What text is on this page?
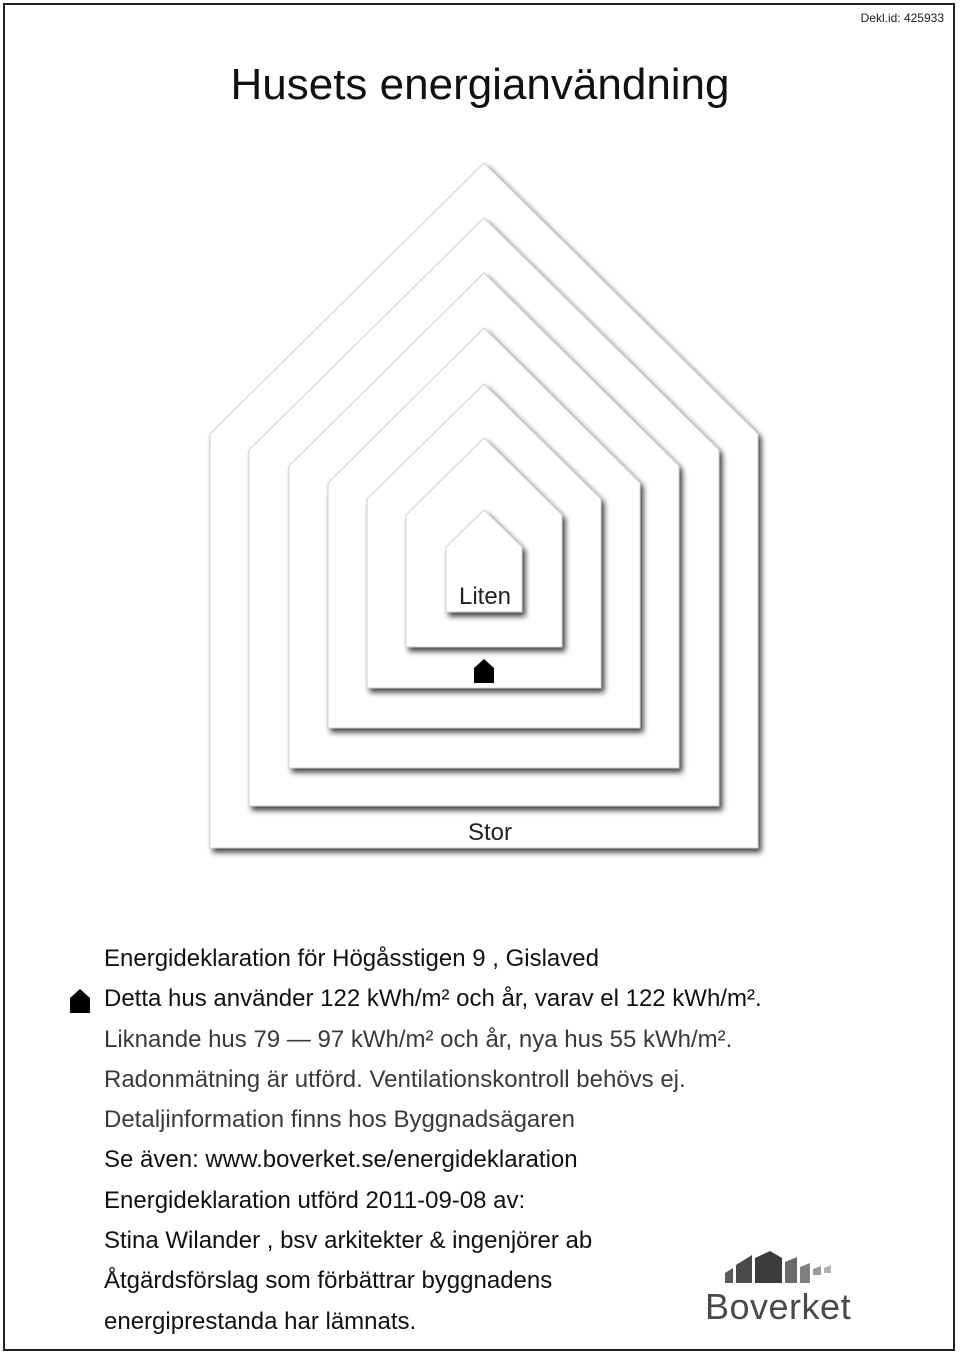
Dekl.id: 425933
Husets energianvändning
Liten
Stor
Energideklaration för Högåsstigen 9 , Gislaved
Detta hus använder 122 kWh/m² och år, varav el 122 kWh/m².
Liknande hus 79 — 97 kWh/m² och år, nya hus 55 kWh/m².
Radonmätning är utförd. Ventilationskontroll behövs ej.
Detaljinformation finns hos Byggnadsägaren
Se även: www.boverket.se/energideklaration
Energideklaration utförd 2011-09-08 av:
Stina Wilander , bsv arkitekter & ingenjörer ab
Åtgärdsförslag som förbättrar byggnadens
energiprestanda har lämnats.	Boverket
